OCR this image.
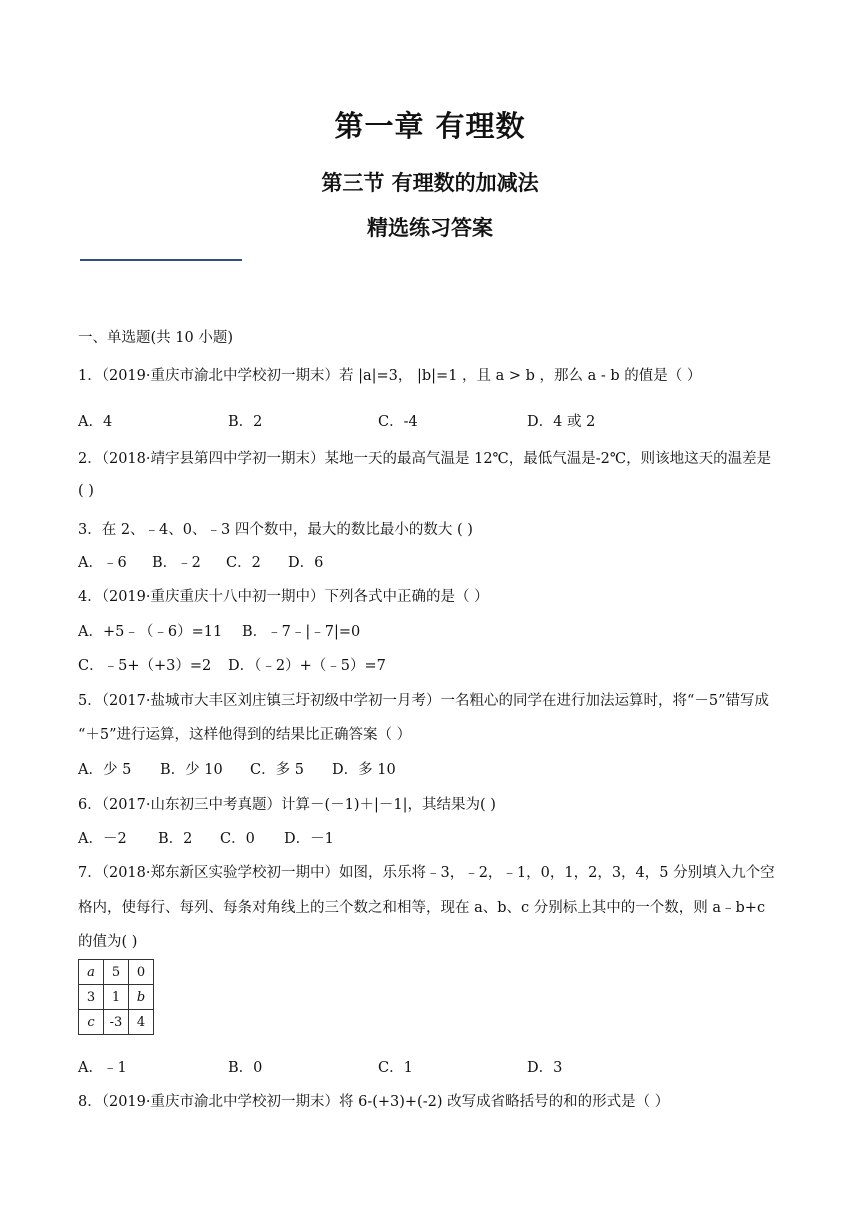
第一章 有理数
第三节 有理数的加减法
精选练习答案
一、单选题(共 10 小题)
1．（2019·重庆市渝北中学校初一期末）若 |a|=3， |b|=1 ，且 a > b ，那么 a - b 的值是（ ）
A．4	B．2	C．-4	D．4 或 2
2．（2018·靖宇县第四中学初一期末）某地一天的最高气温是 12℃，最低气温是-2℃，则该地这天的温差是
( )
3．在 2、﹣4、0、﹣3 四个数中，最大的数比最小的数大 ( )
A．﹣6 B．﹣2 C．2 D．6
4．（2019·重庆重庆十八中初一期中）下列各式中正确的是（ ）
A．+5﹣（﹣6）=11 B．﹣7﹣|﹣7|=0
C．﹣5+（+3）=2 D．（﹣2）+（﹣5）=7
5．（2017·盐城市大丰区刘庄镇三圩初级中学初一月考）一名粗心的同学在进行加法运算时，将“－5”错写成
“＋5”进行运算，这样他得到的结果比正确答案（ ）
A．少 5 B．少 10 C．多 5 D．多 10
6．（2017·山东初三中考真题）计算－(－1)＋|－1|，其结果为( )
A．－2 B．2 C．0 D．－1
7．（2018·郑东新区实验学校初一期中）如图，乐乐将﹣3，﹣2，﹣1，0，1，2，3，4，5 分别填入九个空
格内，使每行、每列、每条对角线上的三个数之和相等，现在 a、b、c 分别标上其中的一个数，则 a﹣b+c
的值为( )
a	5	0
3	1	b
c	-3	4
A．﹣1	B．0	C．1	D．3
8．（2019·重庆市渝北中学校初一期末）将 6-(+3)+(-2) 改写成省略括号的和的形式是（ ）
